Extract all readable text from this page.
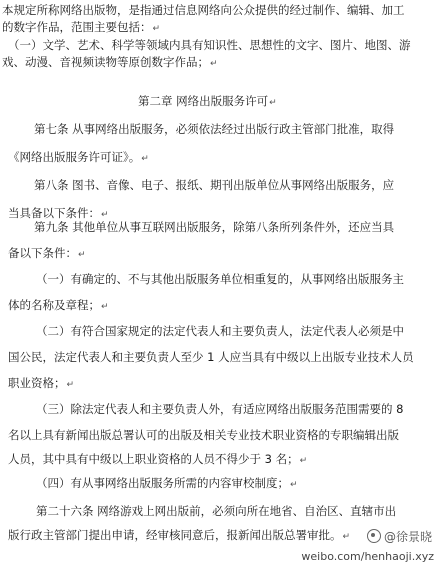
本规定所称网络出版物，是指通过信息网络向公众提供的经过制作、编辑、加工
的数字作品，范围主要包括：↵
（一）文学、艺术、科学等领域内具有知识性、思想性的文字、图片、地图、游
戏、动漫、音视频读物等原创数字作品；↵
第二章 网络出版服务许可↵
第七条 从事网络出版服务，必须依法经过出版行政主管部门批准，取得
《网络出版服务许可证》。↵
第八条 图书、音像、电子、报纸、期刊出版单位从事网络出版服务，应
当具备以下条件：↵
第九条 其他单位从事互联网出版服务，除第八条所列条件外，还应当具
备以下条件：↵
（一）有确定的、不与其他出版服务单位相重复的，从事网络出版服务主
体的名称及章程；↵
（二）有符合国家规定的法定代表人和主要负责人，法定代表人必须是中
国公民，法定代表人和主要负责人至少 1 人应当具有中级以上出版专业技术人员
职业资格；↵
（三）除法定代表人和主要负责人外，有适应网络出版服务范围需要的 8
名以上具有新闻出版总署认可的出版及相关专业技术职业资格的专职编辑出版
人员，其中具有中级以上职业资格的人员不得少于 3 名；↵
（四）有从事网络出版服务所需的内容审校制度；↵
第二十六条 网络游戏上网出版前，必须向所在地省、自治区、直辖市出
版行政主管部门提出申请，经审核同意后，报新闻出版总署审批。↵	@徐景晓
weibo.com/henhaoji.xyz
